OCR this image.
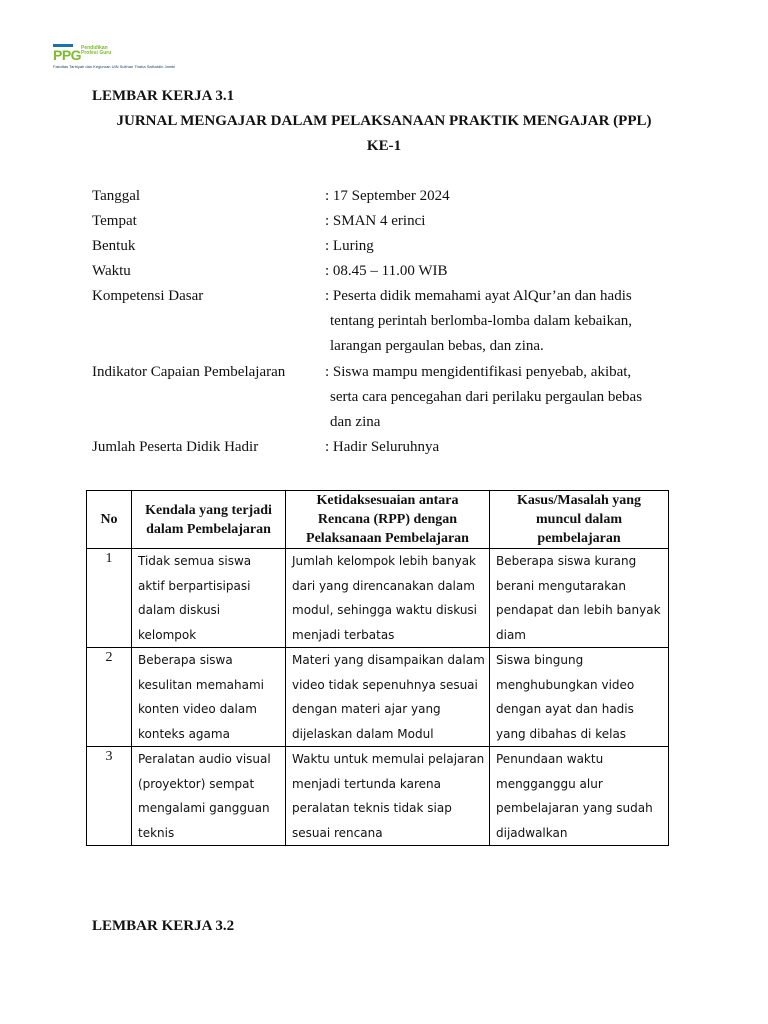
PPG Pendidikan Profesi Guru
Fakultas Tarbiyah dan Keguruan UIN Sulthan Thaha Saifuddin Jambi
LEMBAR KERJA 3.1
JURNAL MENGAJAR DALAM PELAKSANAAN PRAKTIK MENGAJAR (PPL)
KE-1
Tanggal	: 17 September 2024
Tempat	: SMAN 4 erinci
Bentuk	: Luring
Waktu	: 08.45 – 11.00 WIB
Kompetensi Dasar	: Peserta didik memahami ayat AlQur’an dan hadis
tentang perintah berlomba-lomba dalam kebaikan,
larangan pergaulan bebas, dan zina.
Indikator Capaian Pembelajaran	: Siswa mampu mengidentifikasi penyebab, akibat,
serta cara pencegahan dari perilaku pergaulan bebas
dan zina
Jumlah Peserta Didik Hadir	: Hadir Seluruhnya
No	Kendala yang terjadi dalam Pembelajaran	Ketidaksesuaian antara Rencana (RPP) dengan Pelaksanaan Pembelajaran	Kasus/Masalah yang muncul dalam pembelajaran
1	Tidak semua siswa aktif berpartisipasi dalam diskusi kelompok	Jumlah kelompok lebih banyak dari yang direncanakan dalam modul, sehingga waktu diskusi menjadi terbatas	Beberapa siswa kurang berani mengutarakan pendapat dan lebih banyak diam
2	Beberapa siswa kesulitan memahami konten video dalam konteks agama	Materi yang disampaikan dalam video tidak sepenuhnya sesuai dengan materi ajar yang dijelaskan dalam Modul	Siswa bingung menghubungkan video dengan ayat dan hadis yang dibahas di kelas
3	Peralatan audio visual (proyektor) sempat mengalami gangguan teknis	Waktu untuk memulai pelajaran menjadi tertunda karena peralatan teknis tidak siap sesuai rencana	Penundaan waktu mengganggu alur pembelajaran yang sudah dijadwalkan
LEMBAR KERJA 3.2
